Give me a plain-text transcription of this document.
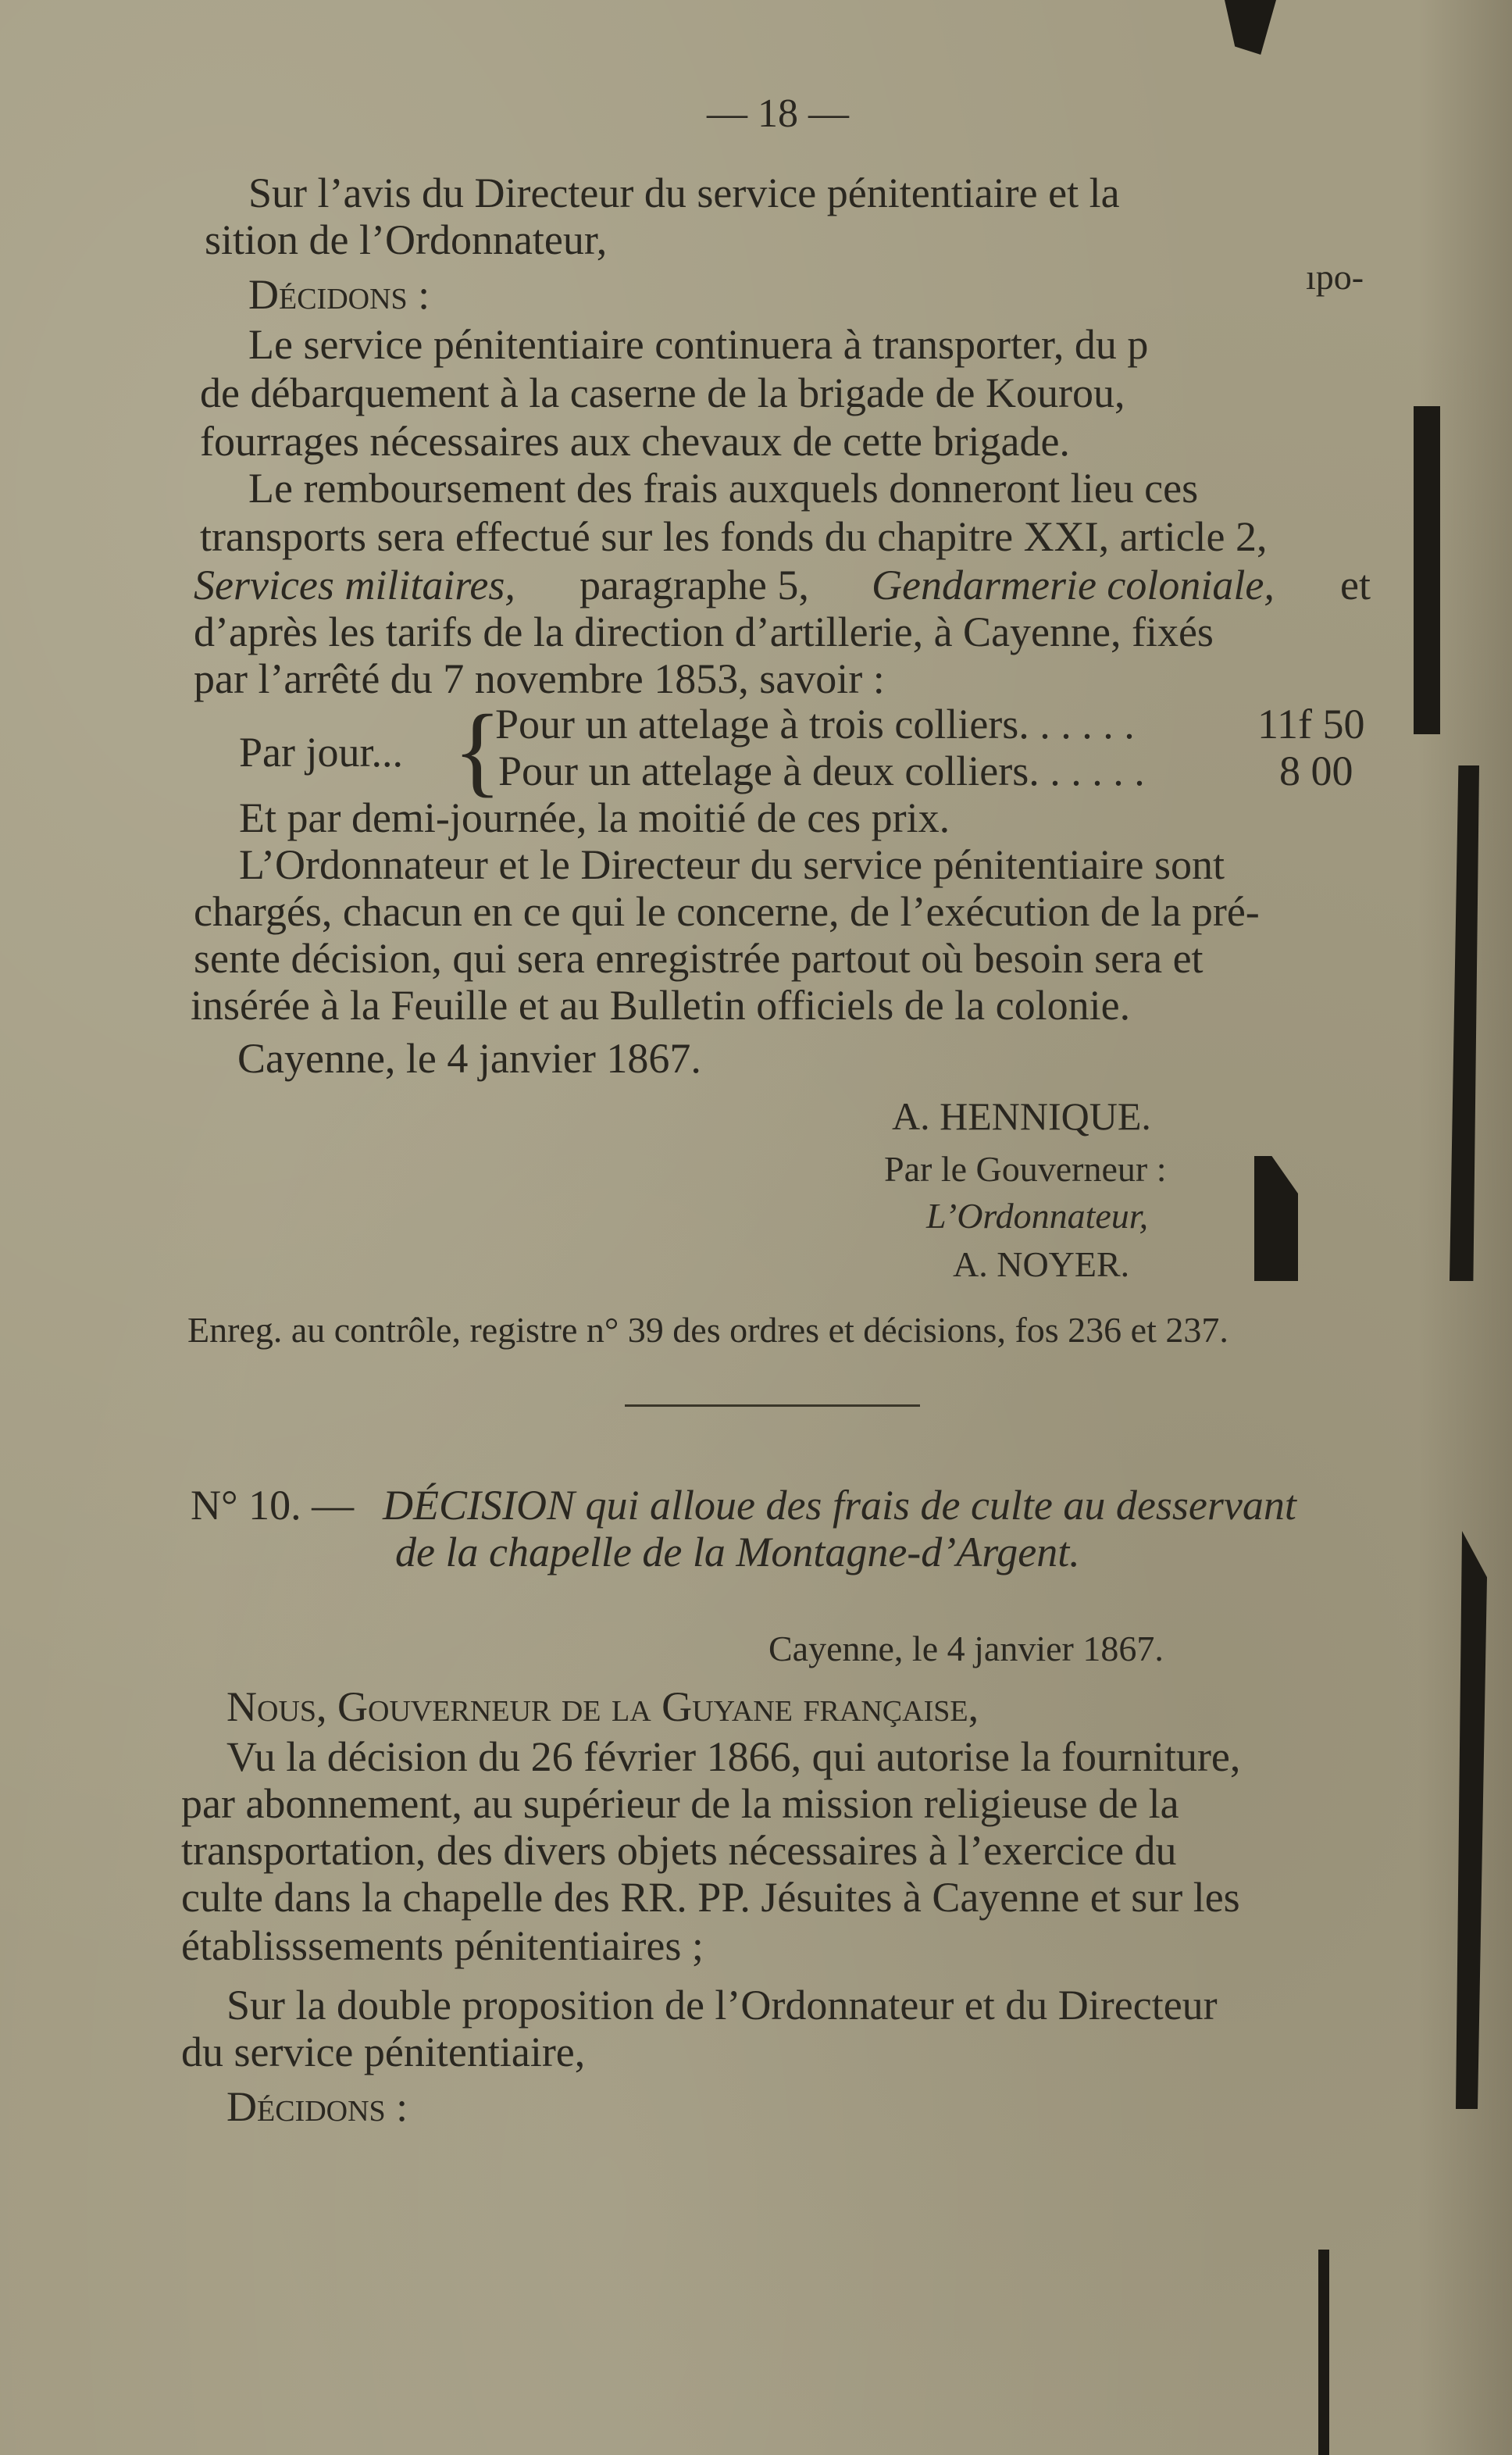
— 18 —
Sur l’avis du Directeur du service pénitentiaire et la
sition de l’Ordonnateur,
ıpo-
Décidons :
Le service pénitentiaire continuera à transporter, du p
de débarquement à la caserne de la brigade de Kourou,
fourrages nécessaires aux chevaux de cette brigade.
Le remboursement des frais auxquels donneront lieu ces
transports sera effectué sur les fonds du chapitre XXI, article 2,
Services militaires, paragraphe 5, Gendarmerie coloniale, et
d’après les tarifs de la direction d’artillerie, à Cayenne, fixés
par l’arrêté du 7 novembre 1853, savoir :
Par jour... {
Pour un attelage à trois colliers. . . . . .	11f 50
Pour un attelage à deux colliers. . . . . .	8 00
Et par demi-journée, la moitié de ces prix.
L’Ordonnateur et le Directeur du service pénitentiaire sont
chargés, chacun en ce qui le concerne, de l’exécution de la pré-
sente décision, qui sera enregistrée partout où besoin sera et
insérée à la Feuille et au Bulletin officiels de la colonie.
Cayenne, le 4 janvier 1867.
A. HENNIQUE.
Par le Gouverneur :
L’Ordonnateur,
A. NOYER.
Enreg. au contrôle, registre n° 39 des ordres et décisions, fos 236 et 237.
N° 10. — DÉCISION qui alloue des frais de culte au desservant
de la chapelle de la Montagne-d’Argent.
Cayenne, le 4 janvier 1867.
Nous, Gouverneur de la Guyane française,
Vu la décision du 26 février 1866, qui autorise la fourniture,
par abonnement, au supérieur de la mission religieuse de la
transportation, des divers objets nécessaires à l’exercice du
culte dans la chapelle des RR. PP. Jésuites à Cayenne et sur les
établisssements pénitentiaires ;
Sur la double proposition de l’Ordonnateur et du Directeur
du service pénitentiaire,
Décidons :
